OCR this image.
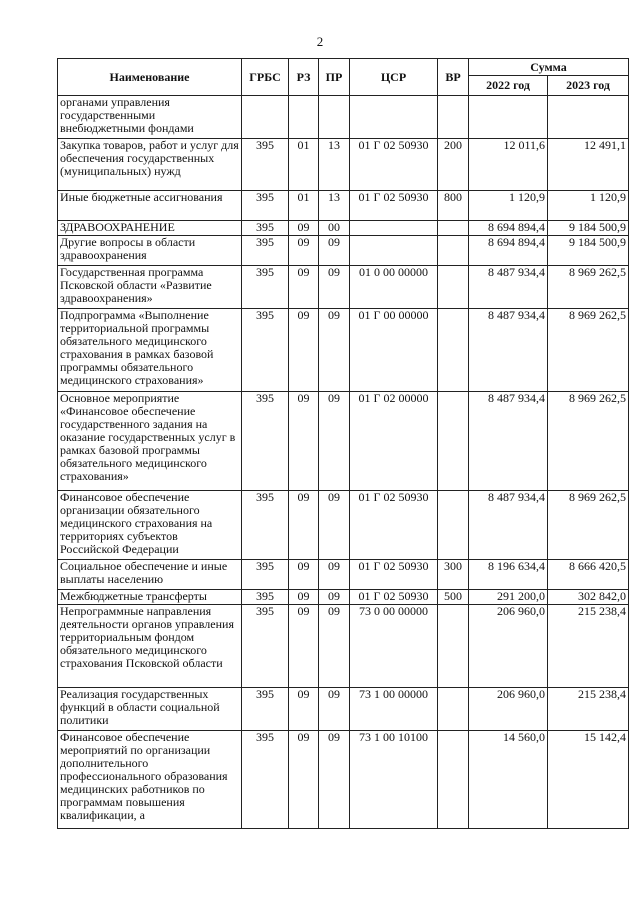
2
Наименование	ГРБС	РЗ	ПР	ЦСР	ВР	Сумма	
						2022 год	2023 год
органами управления государственными внебюджетными фондами							
Закупка товаров, работ и услуг для обеспечения государственных (муниципальных) нужд	395	01	13	01 Г 02 50930	200	12 011,6	12 491,1
Иные бюджетные ассигнования	395	01	13	01 Г 02 50930	800	1 120,9	1 120,9
ЗДРАВООХРАНЕНИЕ	395	09	00			8 694 894,4	9 184 500,9
Другие вопросы в области здравоохранения	395	09	09			8 694 894,4	9 184 500,9
Государственная программа Псковской области «Развитие здравоохранения»	395	09	09	01 0 00 00000		8 487 934,4	8 969 262,5
Подпрограмма «Выполнение территориальной программы обязательного медицинского страхования в рамках базовой программы обязательного медицинского страхования»	395	09	09	01 Г 00 00000		8 487 934,4	8 969 262,5
Основное мероприятие «Финансовое обеспечение государственного задания на оказание государственных услуг в рамках базовой программы обязательного медицинского страхования»	395	09	09	01 Г 02 00000		8 487 934,4	8 969 262,5
Финансовое обеспечение организации обязательного медицинского страхования на территориях субъектов Российской Федерации	395	09	09	01 Г 02 50930		8 487 934,4	8 969 262,5
Социальное обеспечение и иные выплаты населению	395	09	09	01 Г 02 50930	300	8 196 634,4	8 666 420,5
Межбюджетные трансферты	395	09	09	01 Г 02 50930	500	291 200,0	302 842,0
Непрограммные направления деятельности органов управления территориальным фондом обязательного медицинского страхования Псковской области	395	09	09	73 0 00 00000		206 960,0	215 238,4
Реализация государственных функций в области социальной политики	395	09	09	73 1 00 00000		206 960,0	215 238,4
Финансовое обеспечение мероприятий по организации дополнительного профессионального образования медицинских работников по программам повышения квалификации, а	395	09	09	73 1 00 10100		14 560,0	15 142,4
